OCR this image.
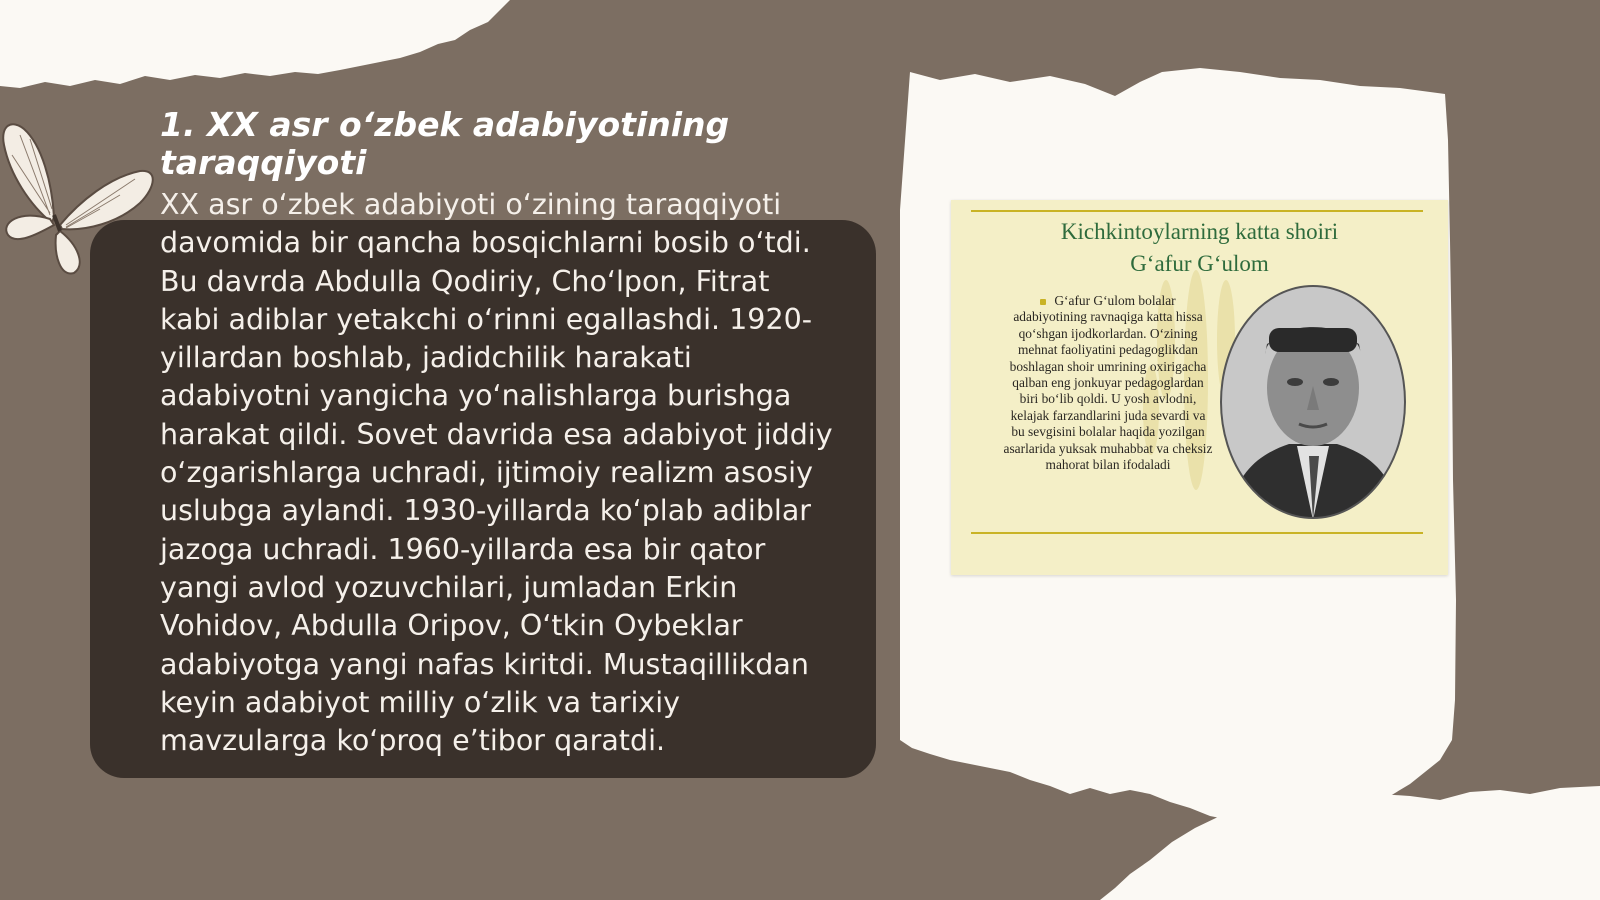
1. XX asr oʻzbek adabiyotining taraqqiyoti

XX asr oʻzbek adabiyoti oʻzining taraqqiyoti davomida bir qancha bosqichlarni bosib oʻtdi. Bu davrda Abdulla Qodiriy, Choʻlpon, Fitrat kabi adiblar yetakchi oʻrinni egallashdi. 1920-yillardan boshlab, jadidchilik harakati adabiyotni yangicha yoʻnalishlarga burishga harakat qildi. Sovet davrida esa adabiyot jiddiy oʻzgarishlarga uchradi, ijtimoiy realizm asosiy uslubga aylandi. 1930-yillarda koʻplab adiblar jazoga uchradi. 1960-yillarda esa bir qator yangi avlod yozuvchilari, jumladan Erkin Vohidov, Abdulla Oripov, Oʻtkin Oybeklar adabiyotga yangi nafas kiritdi. Mustaqillikdan keyin adabiyot milliy oʻzlik va tarixiy mavzularga koʻproq eʼtibor qaratdi.

Kichkintoylarning katta shoiri
Gʻafur Gʻulom
Gʻafur Gʻulom bolalar adabiyotining ravnaqiga katta hissa qoʻshgan ijodkorlardan. Oʻzining mehnat faoliyatini pedagoglikdan boshlagan shoir umrining oxirigacha qalban eng jonkuyar pedagoglardan biri boʻlib qoldi. U yosh avlodni, kelajak farzandlarini juda sevardi va bu sevgisini bolalar haqida yozilgan asarlarida yuksak muhabbat va cheksiz mahorat bilan ifodaladi
